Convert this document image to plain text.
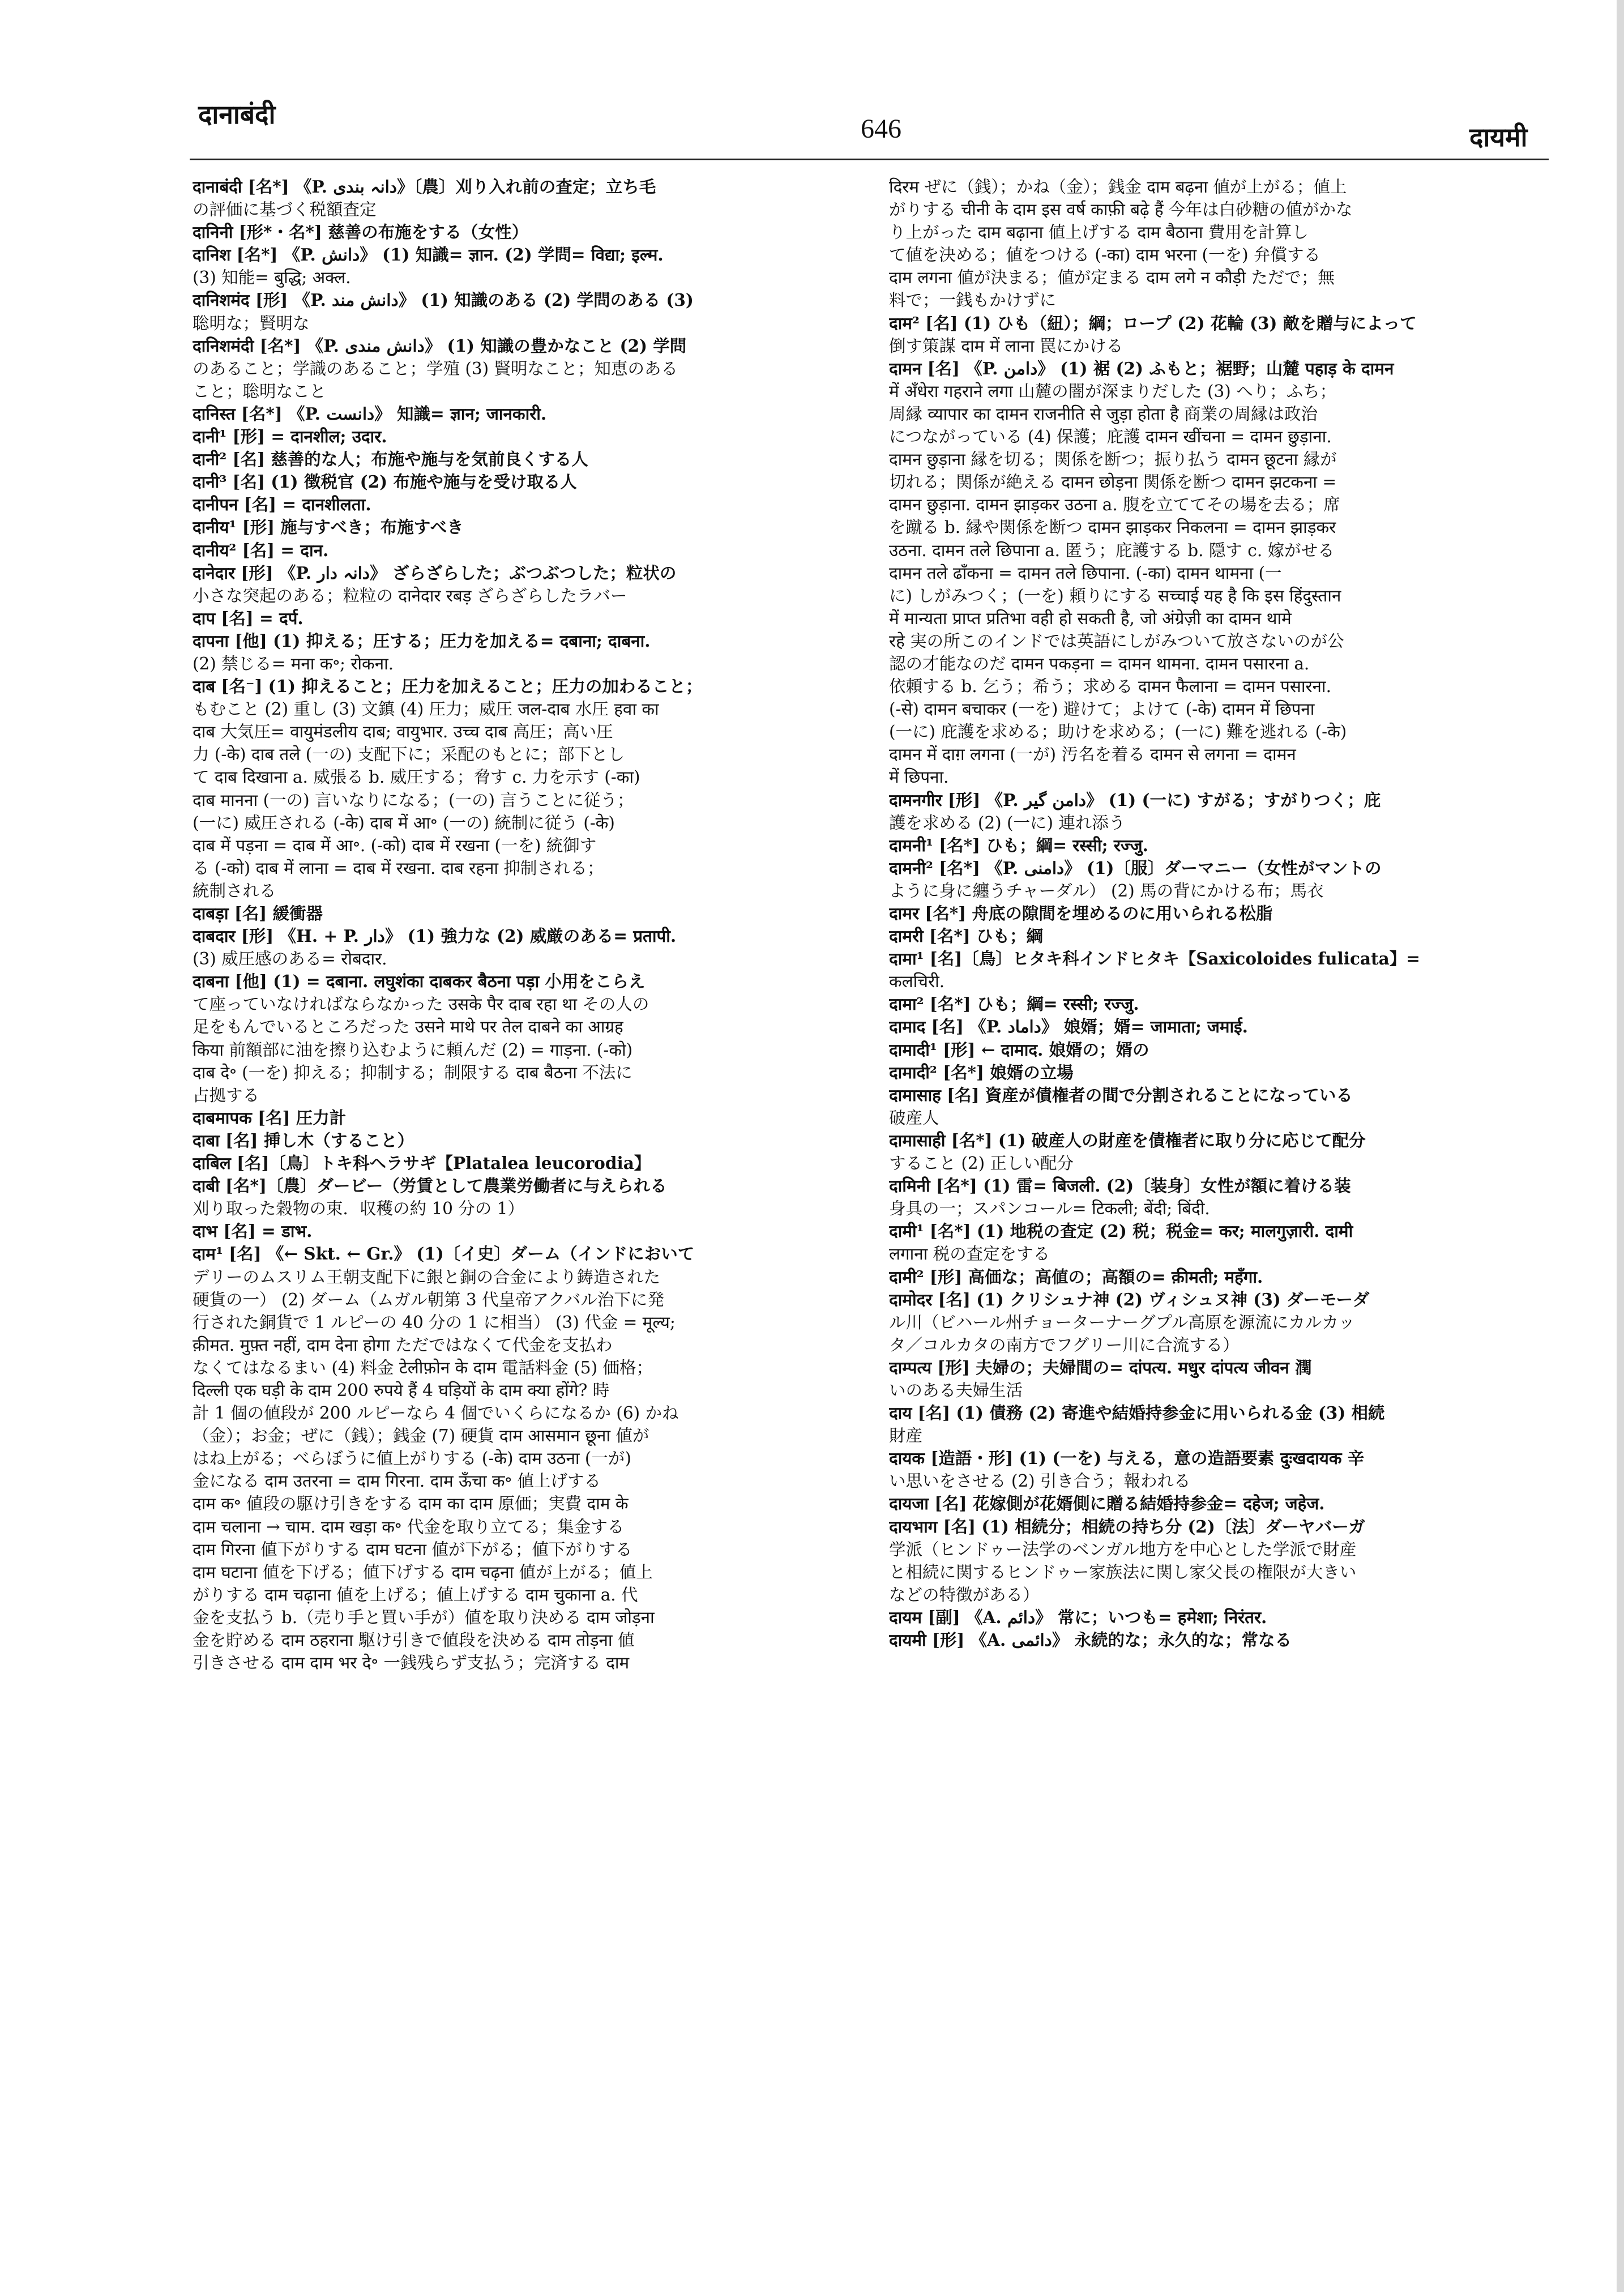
दानाबंदी	646	दायमी
दानाबंदी [名*] 《P. دانہ بندی》〔農〕刈り入れ前の査定；立ち毛
の評価に基づく税額査定
दानिनी [形*・名*] 慈善の布施をする（女性）
दानिश [名*] 《P. دانش》 (1) 知識= ज्ञान. (2) 学問= विद्या; इल्म.
(3) 知能= बुद्धि; अक्ल.
दानिशमंद [形] 《P. دانش مند》 (1) 知識のある (2) 学問のある (3)
聡明な；賢明な
दानिशमंदी [名*] 《P. دانش مندی》 (1) 知識の豊かなこと (2) 学問
のあること；学識のあること；学殖 (3) 賢明なこと；知恵のある
こと；聡明なこと
दानिस्त [名*] 《P. دانست》 知識= ज्ञान; जानकारी.
दानी¹ [形] = दानशील; उदार.
दानी² [名] 慈善的な人；布施や施与を気前良くする人
दानी³ [名] (1) 徴税官 (2) 布施や施与を受け取る人
दानीपन [名] = दानशीलता.
दानीय¹ [形] 施与すべき；布施すべき
दानीय² [名] = दान.
दानेदार [形] 《P. دانہ دار》 ざらざらした；ぶつぶつした；粒状の
小さな突起のある；粒粒の दानेदार रबड़ ざらざらしたラバー
दाप [名] = दर्प.
दापना [他] (1) 抑える；圧する；圧力を加える= दबाना; दाबना.
(2) 禁じる= मना क॰; रोकना.
दाब [名⁻] (1) 抑えること；圧力を加えること；圧力の加わること；
もむこと (2) 重し (3) 文鎮 (4) 圧力；威圧 जल-दाब 水圧 हवा का
दाब 大気圧= वायुमंडलीय दाब; वायुभार. उच्च दाब 高圧；高い圧
力 (-के) दाब तले (一の) 支配下に；采配のもとに；部下とし
て दाब दिखाना a. 威張る b. 威圧する；脅す c. 力を示す (-का)
दाब मानना (一の) 言いなりになる；(一の) 言うことに従う；
(一に) 威圧される (-के) दाब में आ॰ (一の) 統制に従う (-के)
दाब में पड़ना = दाब में आ॰. (-को) दाब में रखना (一を) 統御す
る (-को) दाब में लाना = दाब में रखना. दाब रहना 抑制される；
統制される
दाबड़ा [名] 緩衝器
दाबदार [形] 《H. + P. دار》 (1) 強力な (2) 威厳のある= प्रतापी.
(3) 威圧感のある= रोबदार.
दाबना [他] (1) = दबाना. लघुशंका दाबकर बैठना पड़ा 小用をこらえ
て座っていなければならなかった उसके पैर दाब रहा था その人の
足をもんでいるところだった उसने माथे पर तेल दाबने का आग्रह
किया 前額部に油を擦り込むように頼んだ (2) = गाड़ना. (-को)
दाब दे॰ (一を) 抑える；抑制する；制限する दाब बैठना 不法に
占拠する
दाबमापक [名] 圧力計
दाबा [名] 挿し木（すること）
दाबिल [名]〔鳥〕トキ科ヘラサギ【Platalea leucorodia】
दाबी [名*]〔農〕ダービー（労賃として農業労働者に与えられる
刈り取った穀物の束．収穫の約 10 分の 1）
दाभ [名] = डाभ.
दाम¹ [名] 《← Skt. ← Gr.》 (1)〔イ史〕ダーム（インドにおいて
デリーのムスリム王朝支配下に銀と銅の合金により鋳造された
硬貨の一） (2) ダーム（ムガル朝第 3 代皇帝アクバル治下に発
行された銅貨で 1 ルピーの 40 分の 1 に相当） (3) 代金 = मूल्य;
क़ीमत. मुफ़्त नहीं, दाम देना होगा ただではなくて代金を支払わ
なくてはなるまい (4) 料金 टेलीफ़ोन के दाम 電話料金 (5) 価格；
दिल्ली एक घड़ी के दाम 200 रुपये हैं 4 घड़ियों के दाम क्या होंगे? 時
計 1 個の値段が 200 ルピーなら 4 個でいくらになるか (6) かね
（金）；お金；ぜに（銭）；銭金 (7) 硬貨 दाम आसमान छूना 値が
はね上がる；べらぼうに値上がりする (-के) दाम उठना (一が)
金になる दाम उतरना = दाम गिरना. दाम ऊँचा क॰ 値上げする
दाम क॰ 値段の駆け引きをする दाम का दाम 原価；実費 दाम के
दाम चलाना → चाम. दाम खड़ा क॰ 代金を取り立てる；集金する
दाम गिरना 値下がりする दाम घटना 値が下がる；値下がりする
दाम घटाना 値を下げる；値下げする दाम चढ़ना 値が上がる；値上
がりする दाम चढ़ाना 値を上げる；値上げする दाम चुकाना a. 代
金を支払う b.（売り手と買い手が）値を取り決める दाम जोड़ना
金を貯める दाम ठहराना 駆け引きで値段を決める दाम तोड़ना 値
引きさせる दाम दाम भर दे॰ 一銭残らず支払う；完済する दाम
दिरम ぜに（銭）；かね（金）；銭金 दाम बढ़ना 値が上がる；値上
がりする चीनी के दाम इस वर्ष काफ़ी बढ़े हैं 今年は白砂糖の値がかな
り上がった दाम बढ़ाना 値上げする दाम बैठाना 費用を計算し
て値を決める；値をつける (-का) दाम भरना (一を) 弁償する
दाम लगना 値が決まる；値が定まる दाम लगे न कौड़ी ただで；無
料で；一銭もかけずに
दाम² [名] (1) ひも（紐）；綱；ロープ (2) 花輪 (3) 敵を贈与によって
倒す策謀 दाम में लाना 罠にかける
दामन [名] 《P. دامن》 (1) 裾 (2) ふもと；裾野；山麓 पहाड़ के दामन
में अँधेरा गहराने लगा 山麓の闇が深まりだした (3) へり；ふち；
周縁 व्यापार का दामन राजनीति से जुड़ा होता है 商業の周縁は政治
につながっている (4) 保護；庇護 दामन खींचना = दामन छुड़ाना.
दामन छुड़ाना 縁を切る；関係を断つ；振り払う दामन छूटना 縁が
切れる；関係が絶える दामन छोड़ना 関係を断つ दामन झटकना =
दामन छुड़ाना. दामन झाड़कर उठना a. 腹を立ててその場を去る；席
を蹴る b. 縁や関係を断つ दामन झाड़कर निकलना = दामन झाड़कर
उठना. दामन तले छिपाना a. 匿う；庇護する b. 隠す c. 嫁がせる
दामन तले ढाँकना = दामन तले छिपाना. (-का) दामन थामना (一
に) しがみつく；(一を) 頼りにする सच्चाई यह है कि इस हिंदुस्तान
में मान्यता प्राप्त प्रतिभा वही हो सकती है, जो अंग्रेज़ी का दामन थामे
रहे 実の所このインドでは英語にしがみついて放さないのが公
認の才能なのだ दामन पकड़ना = दामन थामना. दामन पसारना a.
依頼する b. 乞う；希う；求める दामन फैलाना = दामन पसारना.
(-से) दामन बचाकर (一を) 避けて；よけて (-के) दामन में छिपना
(一に) 庇護を求める；助けを求める；(一に) 難を逃れる (-के)
दामन में दाग़ लगना (一が) 汚名を着る दामन से लगना = दामन
में छिपना.
दामनगीर [形] 《P. دامن گیر》 (1) (一に) すがる；すがりつく；庇
護を求める (2) (一に) 連れ添う
दामनी¹ [名*] ひも；綱= रस्सी; रज्जु.
दामनी² [名*] 《P. دامنی》 (1)〔服〕ダーマニー（女性がマントの
ように身に纏うチャーダル） (2) 馬の背にかける布；馬衣
दामर [名*] 舟底の隙間を埋めるのに用いられる松脂
दामरी [名*] ひも；綱
दामा¹ [名]〔鳥〕ヒタキ科インドヒタキ【Saxicoloides fulicata】=
कलचिरी.
दामा² [名*] ひも；綱= रस्सी; रज्जु.
दामाद [名] 《P. داماد》 娘婿；婿= जामाता; जमाई.
दामादी¹ [形] ← दामाद. 娘婿の；婿の
दामादी² [名*] 娘婿の立場
दामासाह [名] 資産が債権者の間で分割されることになっている
破産人
दामासाही [名*] (1) 破産人の財産を債権者に取り分に応じて配分
すること (2) 正しい配分
दामिनी [名*] (1) 雷= बिजली. (2)〔装身〕女性が額に着ける装
身具の一；スパンコール= टिकली; बेंदी; बिंदी.
दामी¹ [名*] (1) 地税の査定 (2) 税；税金= कर; मालगुज़ारी. दामी
लगाना 税の査定をする
दामी² [形] 高価な；高値の；高額の= क़ीमती; महँगा.
दामोदर [名] (1) クリシュナ神 (2) ヴィシュヌ神 (3) ダーモーダ
ル川（ビハール州チョーターナーグプル高原を源流にカルカッ
タ／コルカタの南方でフグリー川に合流する）
दाम्पत्य [形] 夫婦の；夫婦間の= दांपत्य. मधुर दांपत्य जीवन 潤
いのある夫婦生活
दाय [名] (1) 債務 (2) 寄進や結婚持参金に用いられる金 (3) 相続
財産
दायक [造語・形] (1) (一を) 与える，意の造語要素 दुःखदायक 辛
い思いをさせる (2) 引き合う；報われる
दायजा [名] 花嫁側が花婿側に贈る結婚持参金= दहेज; जहेज.
दायभाग [名] (1) 相続分；相続の持ち分 (2)〔法〕ダーヤバーガ
学派（ヒンドゥー法学のベンガル地方を中心とした学派で財産
と相続に関するヒンドゥー家族法に関し家父長の権限が大きい
などの特徴がある）
दायम [副] 《A. دائم》 常に；いつも= हमेशा; निरंतर.
दायमी [形] 《A. دائمی》 永続的な；永久的な；常なる
